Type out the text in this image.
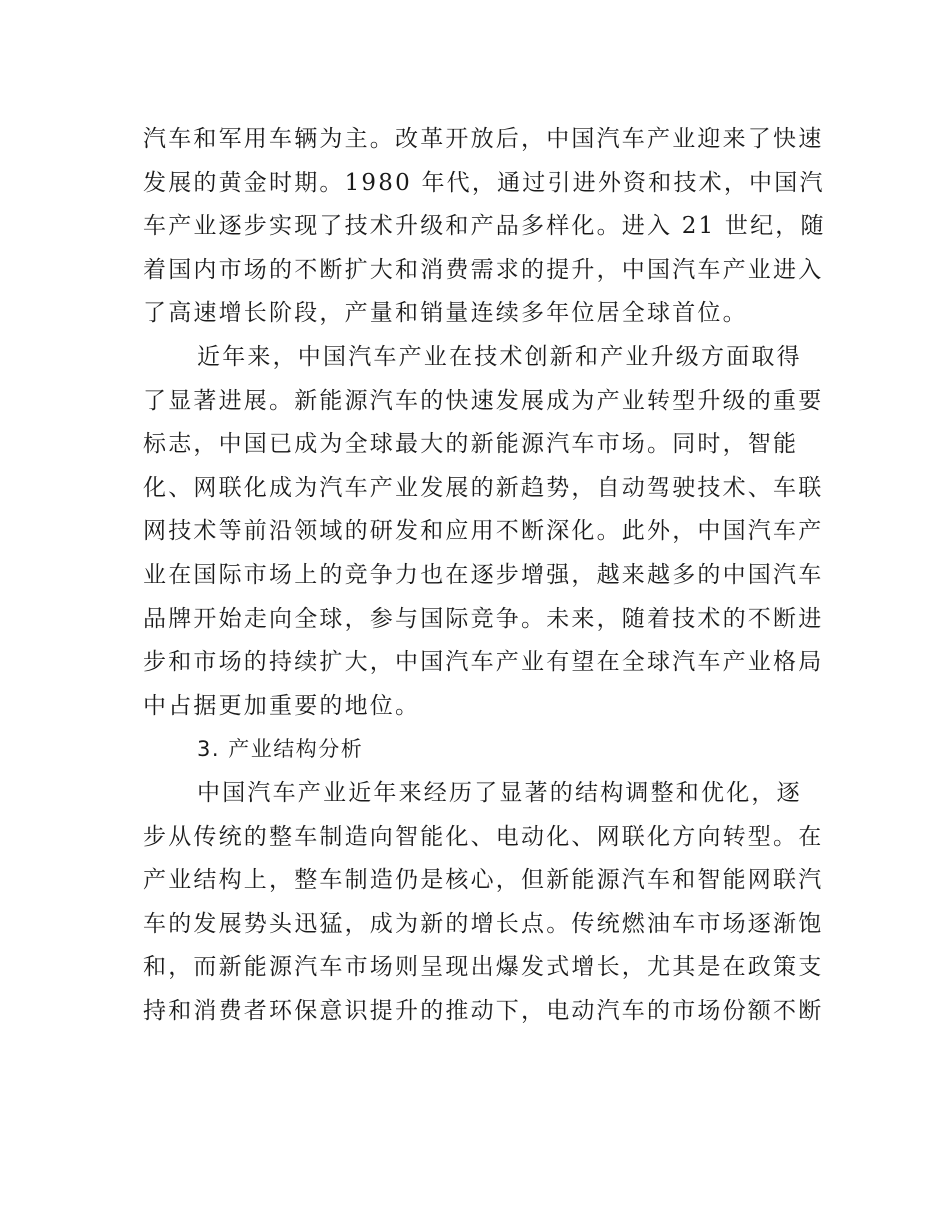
汽车和军用车辆为主。改革开放后，中国汽车产业迎来了快速
发展的黄金时期。1980 年代，通过引进外资和技术，中国汽
车产业逐步实现了技术升级和产品多样化。进入 21 世纪，随
着国内市场的不断扩大和消费需求的提升，中国汽车产业进入
了高速增长阶段，产量和销量连续多年位居全球首位。
近年来，中国汽车产业在技术创新和产业升级方面取得
了显著进展。新能源汽车的快速发展成为产业转型升级的重要
标志，中国已成为全球最大的新能源汽车市场。同时，智能
化、网联化成为汽车产业发展的新趋势，自动驾驶技术、车联
网技术等前沿领域的研发和应用不断深化。此外，中国汽车产
业在国际市场上的竞争力也在逐步增强，越来越多的中国汽车
品牌开始走向全球，参与国际竞争。未来，随着技术的不断进
步和市场的持续扩大，中国汽车产业有望在全球汽车产业格局
中占据更加重要的地位。
3. 产业结构分析
中国汽车产业近年来经历了显著的结构调整和优化，逐
步从传统的整车制造向智能化、电动化、网联化方向转型。在
产业结构上，整车制造仍是核心，但新能源汽车和智能网联汽
车的发展势头迅猛，成为新的增长点。传统燃油车市场逐渐饱
和，而新能源汽车市场则呈现出爆发式增长，尤其是在政策支
持和消费者环保意识提升的推动下，电动汽车的市场份额不断
